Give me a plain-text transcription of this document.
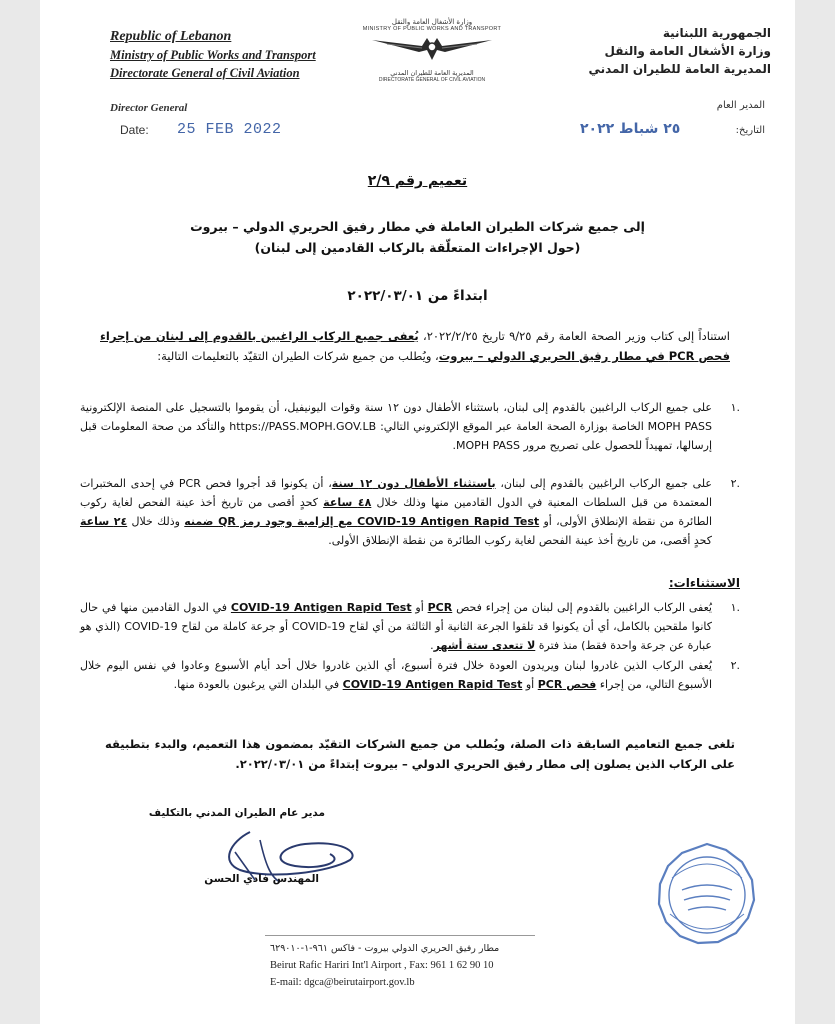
Republic of Lebanon
Ministry of Public Works and Transport
Directorate General of Civil Aviation
وزارة الأشغال العامة والنقل
MINISTRY OF PUBLIC WORKS AND TRANSPORT
المديرية العامة للطيران المدني
DIRECTORATE GENERAL OF CIVIL AVIATION
الجمهورية اللبنانية
وزارة الأشغال العامة والنقل
المديرية العامة للطيران المدني
Director General	المدير العام
Date: 25 FEB 2022	٢٥ شباط ٢٠٢٢	التاريخ:
تعميم رقم ٢/٩
إلى جميع شركات الطيران العاملة في مطار رفيق الحريري الدولي – بيروت
(حول الإجراءات المتعلّقة بالركاب القادمين إلى لبنان)
ابتداءً من ٢٠٢٢/٠٣/٠١
استناداً إلى كتاب وزير الصحة العامة رقم ٩/٢٥ تاريخ ٢٠٢٢/٢/٢٥، يُعفى جميع الركاب الراغبين بالقدوم إلى لبنان من إجراء فحص PCR في مطار رفيق الحريري الدولي – بيروت، ويُطلب من جميع شركات الطيران التقيّد بالتعليمات التالية:
.١
على جميع الركاب الراغبين بالقدوم إلى لبنان، باستثناء الأطفال دون ١٢ سنة وقوات اليونيفيل، أن يقوموا بالتسجيل على المنصة الإلكترونية MOPH PASS الخاصة بوزارة الصحة العامة عبر الموقع الإلكتروني التالي: https://PASS.MOPH.GOV.LB والتأكد من صحة المعلومات قبل إرسالها، تمهيداً للحصول على تصريح مرور MOPH PASS.
.٢
على جميع الركاب الراغبين بالقدوم إلى لبنان، باستثناء الأطفال دون ١٢ سنة، أن يكونوا قد أجروا فحص PCR في إحدى المختبرات المعتمدة من قبل السلطات المعنية في الدول القادمين منها وذلك خلال ٤٨ ساعة كحدٍ أقصى من تاريخ أخذ عينة الفحص لغاية ركوب الطائرة من نقطة الإنطلاق الأولى، أو COVID-19 Antigen Rapid Test مع إلزامية وجود رمز QR ضمنه وذلك خلال ٢٤ ساعة كحدٍ أقصى، من تاريخ أخذ عينة الفحص لغاية ركوب الطائرة من نقطة الإنطلاق الأولى.
الاستثناءات:
.١
يُعفى الركاب الراغبين بالقدوم إلى لبنان من إجراء فحص PCR أو COVID-19 Antigen Rapid Test في الدول القادمين منها في حال كانوا ملقحين بالكامل، أي أن يكونوا قد تلقوا الجرعة الثانية أو الثالثة من أي لقاح COVID-19 أو جرعة كاملة من لقاح COVID-19 (الذي هو عبارة عن جرعة واحدة فقط) منذ فترة لا تتعدى ستة أشهر.
.٢
يُعفى الركاب الذين غادروا لبنان ويريدون العودة خلال فترة أسبوع، أي الذين غادروا خلال أحد أيام الأسبوع وعادوا في نفس اليوم خلال الأسبوع التالي، من إجراء فحص PCR أو COVID-19 Antigen Rapid Test في البلدان التي يرغبون بالعودة منها.
تلغى جميع التعاميم السابقة ذات الصلة، ويُطلب من جميع الشركات التقيّد بمضمون هذا التعميم، والبدء بتطبيقه على الركاب الذين يصلون إلى مطار رفيق الحريري الدولي – بيروت إبتداءً من ٢٠٢٢/٠٣/٠١.
مدير عام الطيران المدني بالتكليف
المهندس فادي الحسن
مطار رفيق الحريري الدولي بيروت - فاكس ٩٦١-١-٦٢٩٠١٠
Beirut Rafic Hariri Int'l Airport , Fax: 961 1 62 90 10
E-mail: dgca@beirutairport.gov.lb
